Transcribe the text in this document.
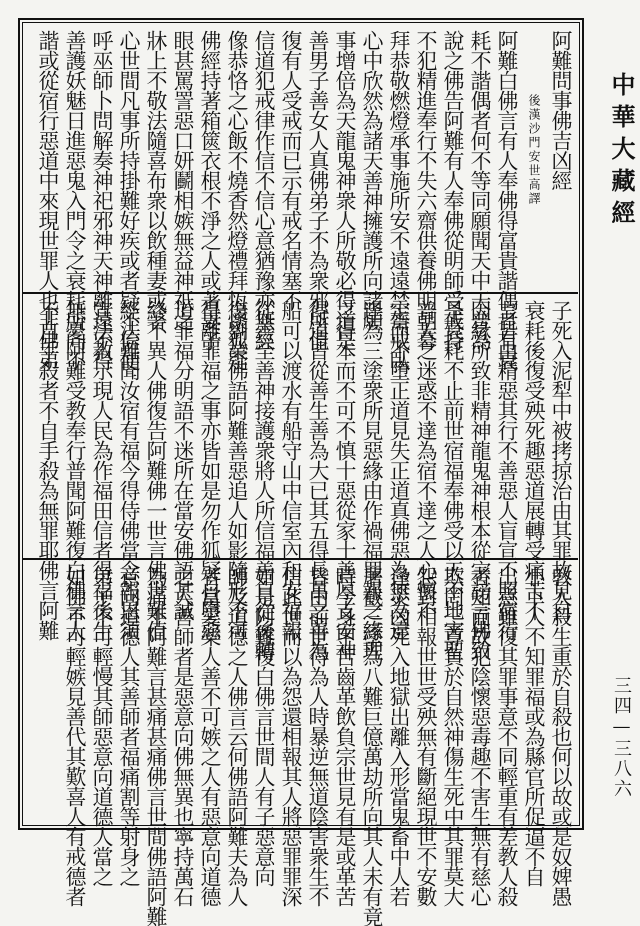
中華大藏經
三四—三八六
阿難問事佛吉凶經
後漢沙門安世高譯
阿難白佛言有人奉佛得富貴諧偶者有衰
耗不諧偶者何不等同願聞天中天普為
說之佛告阿難有人奉佛從明師受戒持
不犯精進奉行不失六齋供養佛明朝暮
拜恭敬燃燈承事施所安不遠遠禁齋戒臥
心中欣然為諸天善神擁護所向諸願
事增倍為天龍鬼神衆人所敬必得道是
善男子善女人真佛弟子不為衆邪所值
復有人受戒而已示有戒名情塞不
信道犯戒律作信不信心意猶豫亦無經
像恭恪之心飯不燒香然燈禮拜恆懷狐疑
佛經持著箱篋衣根不淨之人或著妻子
眼甚罵詈惡口妍鬬相嫉無益神祇之
牀上不敬法隨喜布衆以飲種妻或著
心世間凡事所持掛難好疾或者疑不信便
呼巫師卜問解奏神祀邪神天神離遠不得
善護妖魅日進惡鬼入門令之衰耗所向不
諧或從宿行惡道中來現世罪人也非佛弟
子死入泥犁中被拷掠治由其罪故見自
衰耗後復受殃死趣惡道展轉受痛苦不
言皆由精惡其行不善惡人盲宣不照宿行
因緣所致非精神龍鬼神根本從宗謗言佛致
是衰耗不止前世宿福奉佛受以天不地害聖
普天之迷惑不達為宿不達之人心懷不
定而不墮正道見失正道真佛惡為無為違
逢為三塗衆所見惡緣由作禍福罪報之緣理
之得本而不可不慎十惡從家十善厚支安神
得道皆從善生善為大已其五得長萬之善為
船可以渡水有船守山中信室內和安福報
從善至善神接護衆將人所信福善自從後轉
復劉業佛語阿難善惡追人如影隨形不可
得離罪福之事亦皆如是勿作狐疑自墮惡
道罪福分明語不迷所在當安佛語甚誠
終不異人佛復告阿難佛一世言佛世難值
經法難聞汝宿有福今得侍佛當念報恩須
宣法教示現人民為作福田信者得福後生
無憂阿難受教奉行普聞阿難復白佛言人
不自手殺者不自手殺為無罪耶佛言阿難
教人殺生重於自殺也何以故或是奴婢愚
小下人不知罪福或為縣官所促逼不自
出意雖復其罪事意不同輕重有差教人殺
者知而故犯陰懷惡毒趣不害生無有慈心
欺罔三尊負於自然神傷生死中其罪莫大
怨對相報世世受殃無有斷絕現世不安數
逢災凶死入地獄出離入形當鬼畜中人若
屠截三塗為八難巨億萬劫所向其人未有竟
時今身甲苦齒革飲負宗世見有是或革苦
皆由前世得為人時暴逆無道陰害衆生不
信此世而以為怨還相報其人將惡罪罪深
如是阿難復白佛言世間人有子惡意向
師及道德之人佛言云何佛語阿難夫為人
者當愛樂人善不可嫉之人有惡意向道德
之人善師者是惡意向佛無異也寧持萬石
為痛不阿難言甚痛甚痛佛言世間佛語阿難
意向道德人其善師者福痛割等射身之
弟子不可輕慢其師惡意向道德人當之
如佛不可輕嫉見善代其歎喜人有戒德者
